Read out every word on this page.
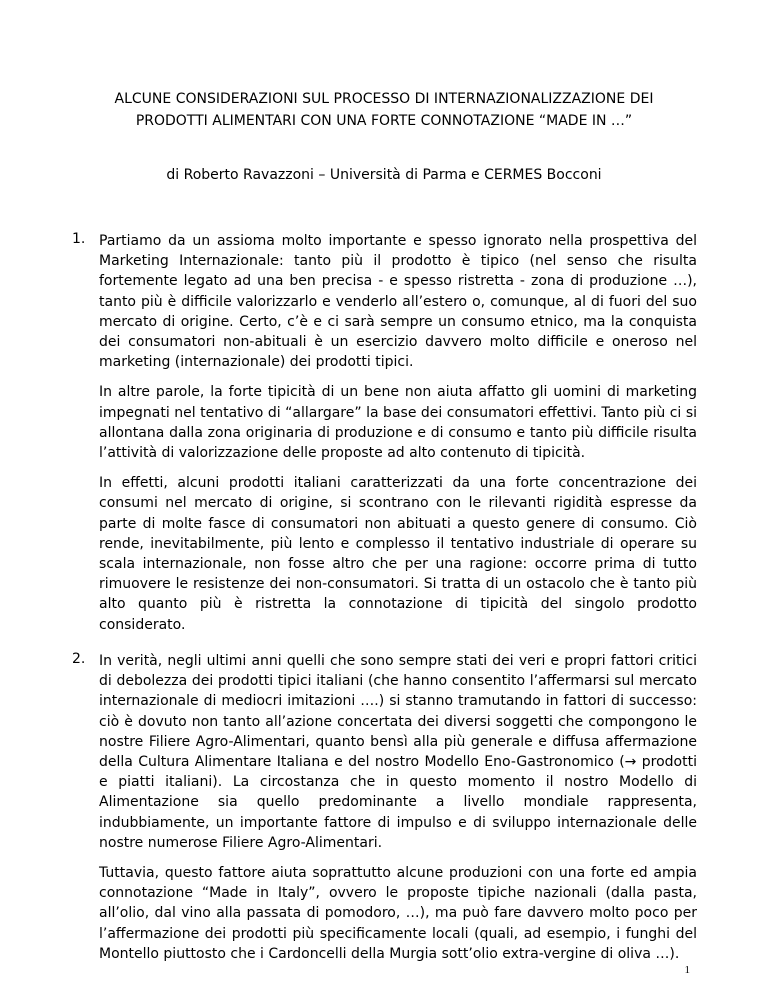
ALCUNE CONSIDERAZIONI SUL PROCESSO DI INTERNAZIONALIZZAZIONE DEI
PRODOTTI ALIMENTARI CON UNA FORTE CONNOTAZIONE “MADE IN …”
di Roberto Ravazzoni – Università di Parma e CERMES Bocconi
1. Partiamo da un assioma molto importante e spesso ignorato nella prospettiva del Marketing Internazionale: tanto più il prodotto è tipico (nel senso che risulta fortemente legato ad una ben precisa - e spesso ristretta - zona di produzione …), tanto più è difficile valorizzarlo e venderlo all’estero o, comunque, al di fuori del suo mercato di origine. Certo, c’è e ci sarà sempre un consumo etnico, ma la conquista dei consumatori non-abituali è un esercizio davvero molto difficile e oneroso nel marketing (internazionale) dei prodotti tipici.

In altre parole, la forte tipicità di un bene non aiuta affatto gli uomini di marketing impegnati nel tentativo di “allargare” la base dei consumatori effettivi. Tanto più ci si allontana dalla zona originaria di produzione e di consumo e tanto più difficile risulta l’attività di valorizzazione delle proposte ad alto contenuto di tipicità.

In effetti, alcuni prodotti italiani caratterizzati da una forte concentrazione dei consumi nel mercato di origine, si scontrano con le rilevanti rigidità espresse da parte di molte fasce di consumatori non abituati a questo genere di consumo. Ciò rende, inevitabilmente, più lento e complesso il tentativo industriale di operare su scala internazionale, non fosse altro che per una ragione: occorre prima di tutto rimuovere le resistenze dei non-consumatori. Si tratta di un ostacolo che è tanto più alto quanto più è ristretta la connotazione di tipicità del singolo prodotto considerato.

2. In verità, negli ultimi anni quelli che sono sempre stati dei veri e propri fattori critici di debolezza dei prodotti tipici italiani (che hanno consentito l’affermarsi sul mercato internazionale di mediocri imitazioni ….) si stanno tramutando in fattori di successo: ciò è dovuto non tanto all’azione concertata dei diversi soggetti che compongono le nostre Filiere Agro-Alimentari, quanto bensì alla più generale e diffusa affermazione della Cultura Alimentare Italiana e del nostro Modello Eno-Gastronomico (→ prodotti e piatti italiani). La circostanza che in questo momento il nostro Modello di Alimentazione sia quello predominante a livello mondiale rappresenta, indubbiamente, un importante fattore di impulso e di sviluppo internazionale delle nostre numerose Filiere Agro-Alimentari.

Tuttavia, questo fattore aiuta soprattutto alcune produzioni con una forte ed ampia connotazione “Made in Italy”, ovvero le proposte tipiche nazionali (dalla pasta, all’olio, dal vino alla passata di pomodoro, …), ma può fare davvero molto poco per l’affermazione dei prodotti più specificamente locali (quali, ad esempio, i funghi del Montello piuttosto che i Cardoncelli della Murgia sott’olio extra-vergine di oliva …).

1
